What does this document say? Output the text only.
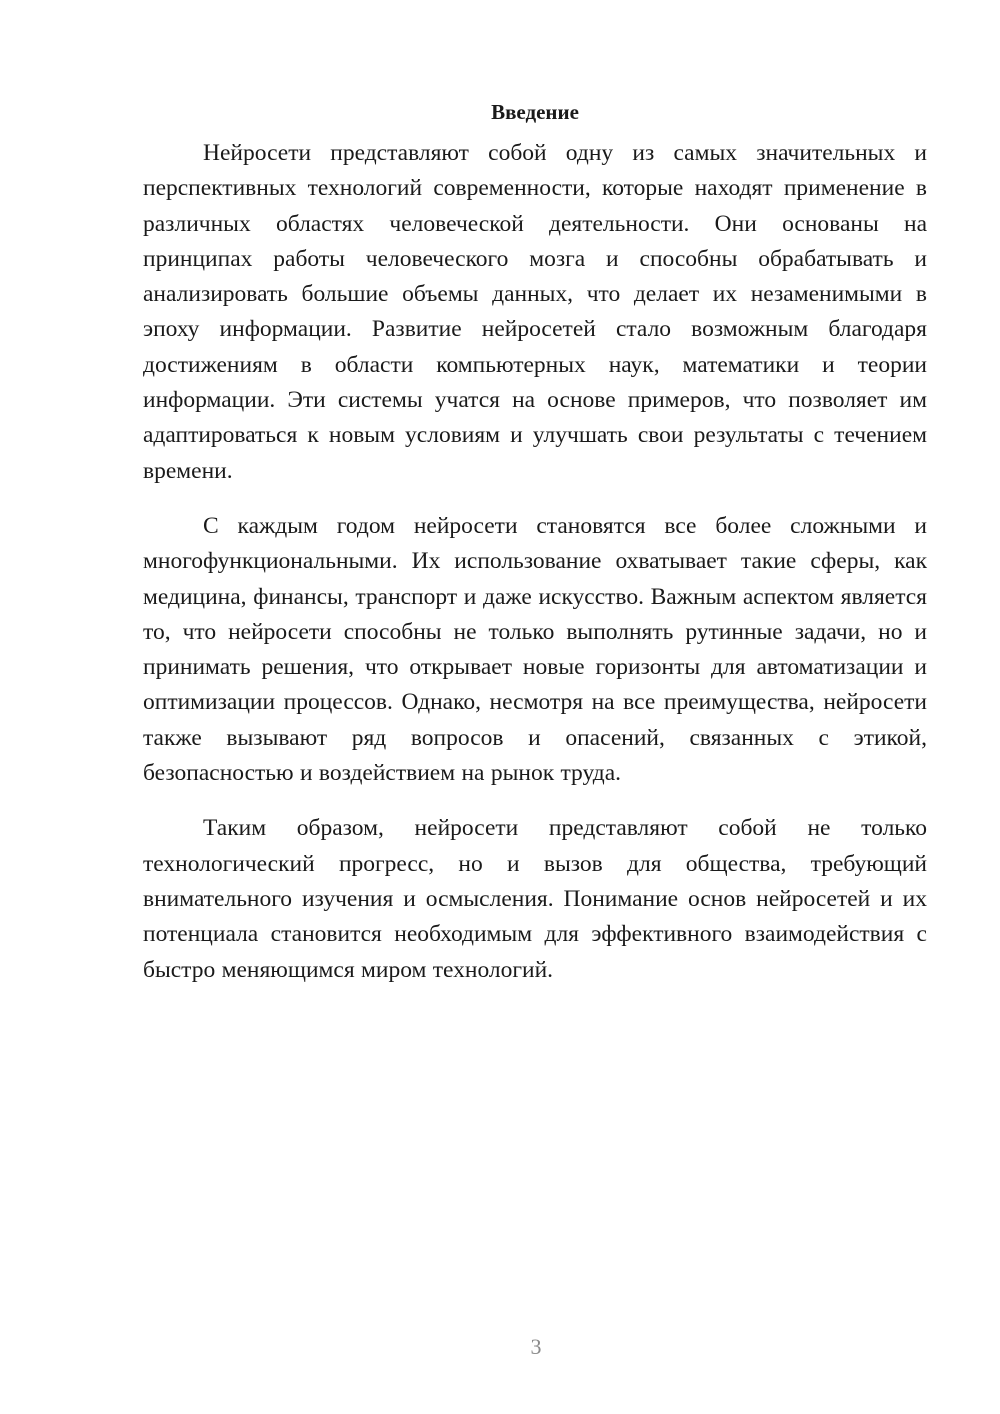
Введение

Нейросети представляют собой одну из самых значительных и перспективных технологий современности, которые находят применение в различных областях человеческой деятельности. Они основаны на принципах работы человеческого мозга и способны обрабатывать и анализировать большие объемы данных, что делает их незаменимыми в эпоху информации. Развитие нейросетей стало возможным благодаря достижениям в области компьютерных наук, математики и теории информации. Эти системы учатся на основе примеров, что позволяет им адаптироваться к новым условиям и улучшать свои результаты с течением времени.

С каждым годом нейросети становятся все более сложными и многофункциональными. Их использование охватывает такие сферы, как медицина, финансы, транспорт и даже искусство. Важным аспектом является то, что нейросети способны не только выполнять рутинные задачи, но и принимать решения, что открывает новые горизонты для автоматизации и оптимизации процессов. Однако, несмотря на все преимущества, нейросети также вызывают ряд вопросов и опасений, связанных с этикой, безопасностью и воздействием на рынок труда.

Таким образом, нейросети представляют собой не только технологический прогресс, но и вызов для общества, требующий внимательного изучения и осмысления. Понимание основ нейросетей и их потенциала становится необходимым для эффективного взаимодействия с быстро меняющимся миром технологий.

3
